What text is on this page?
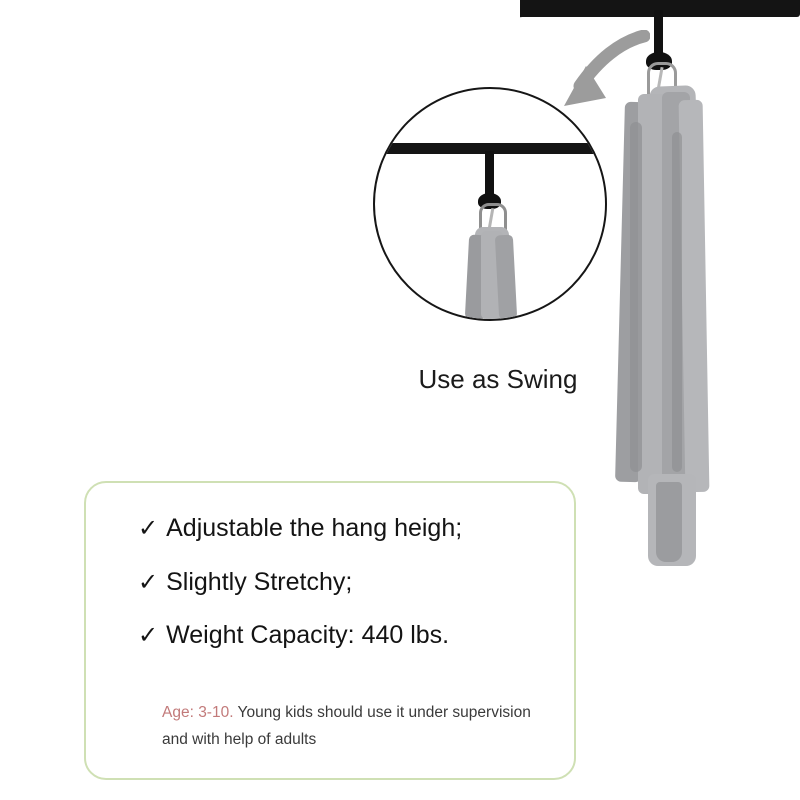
Use as Swing
✓ Adjustable the hang heigh;
✓ Slightly Stretchy;
✓ Weight Capacity: 440 lbs.
Age: 3-10. Young kids should use it under supervision and with help of adults
